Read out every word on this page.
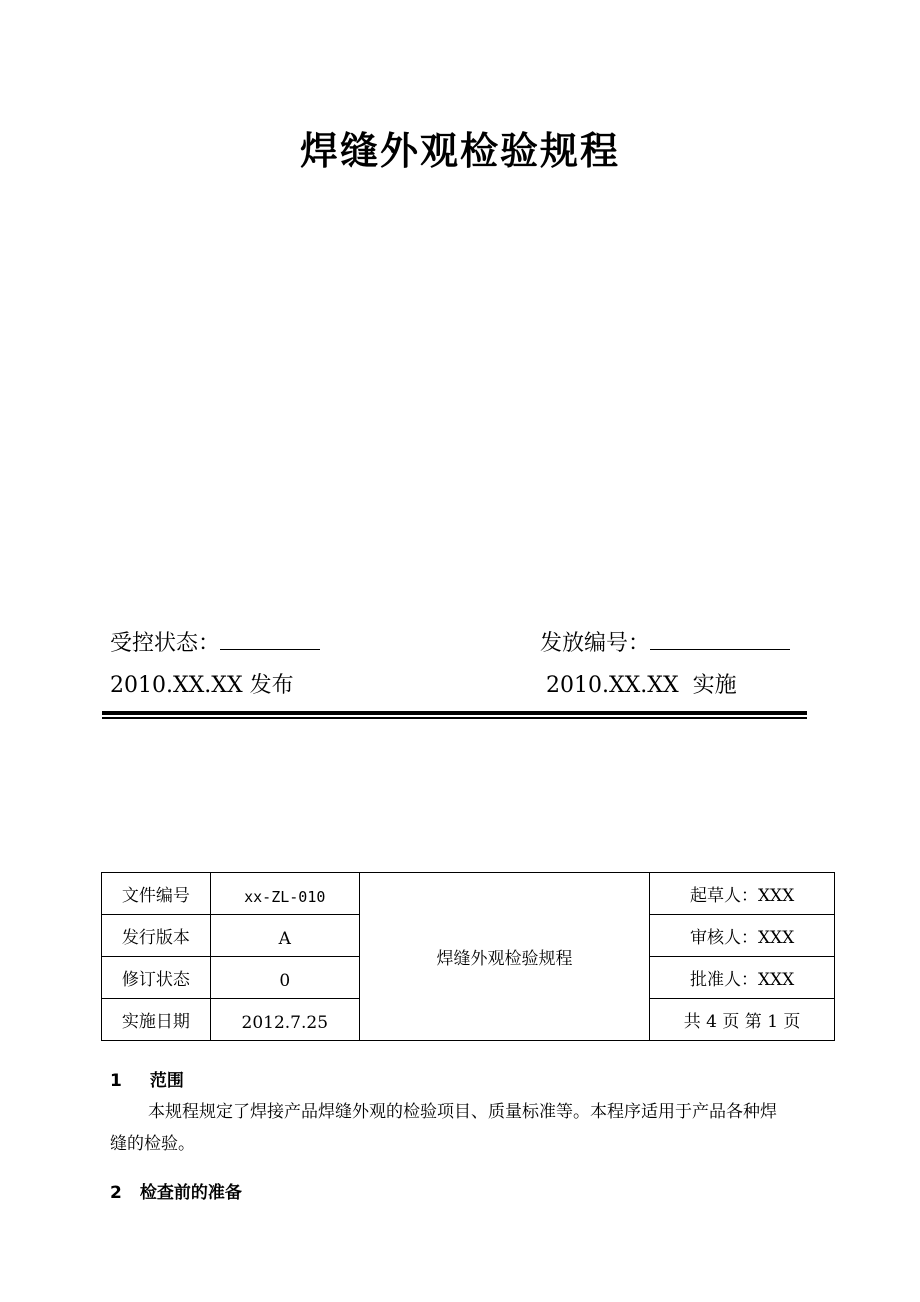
焊缝外观检验规程
受控状态：	发放编号：
2010.XX.XX 发布	2010.XX.XX  实施
文件编号	xx-ZL-010	焊缝外观检验规程	起草人：XXX
发行版本	A		审核人：XXX
修订状态	0		批准人：XXX
实施日期	2012.7.25		共 4 页 第 1 页
1 范围
本规程规定了焊接产品焊缝外观的检验项目、质量标准等。本程序适用于产品各种焊
缝的检验。
2 检查前的准备
